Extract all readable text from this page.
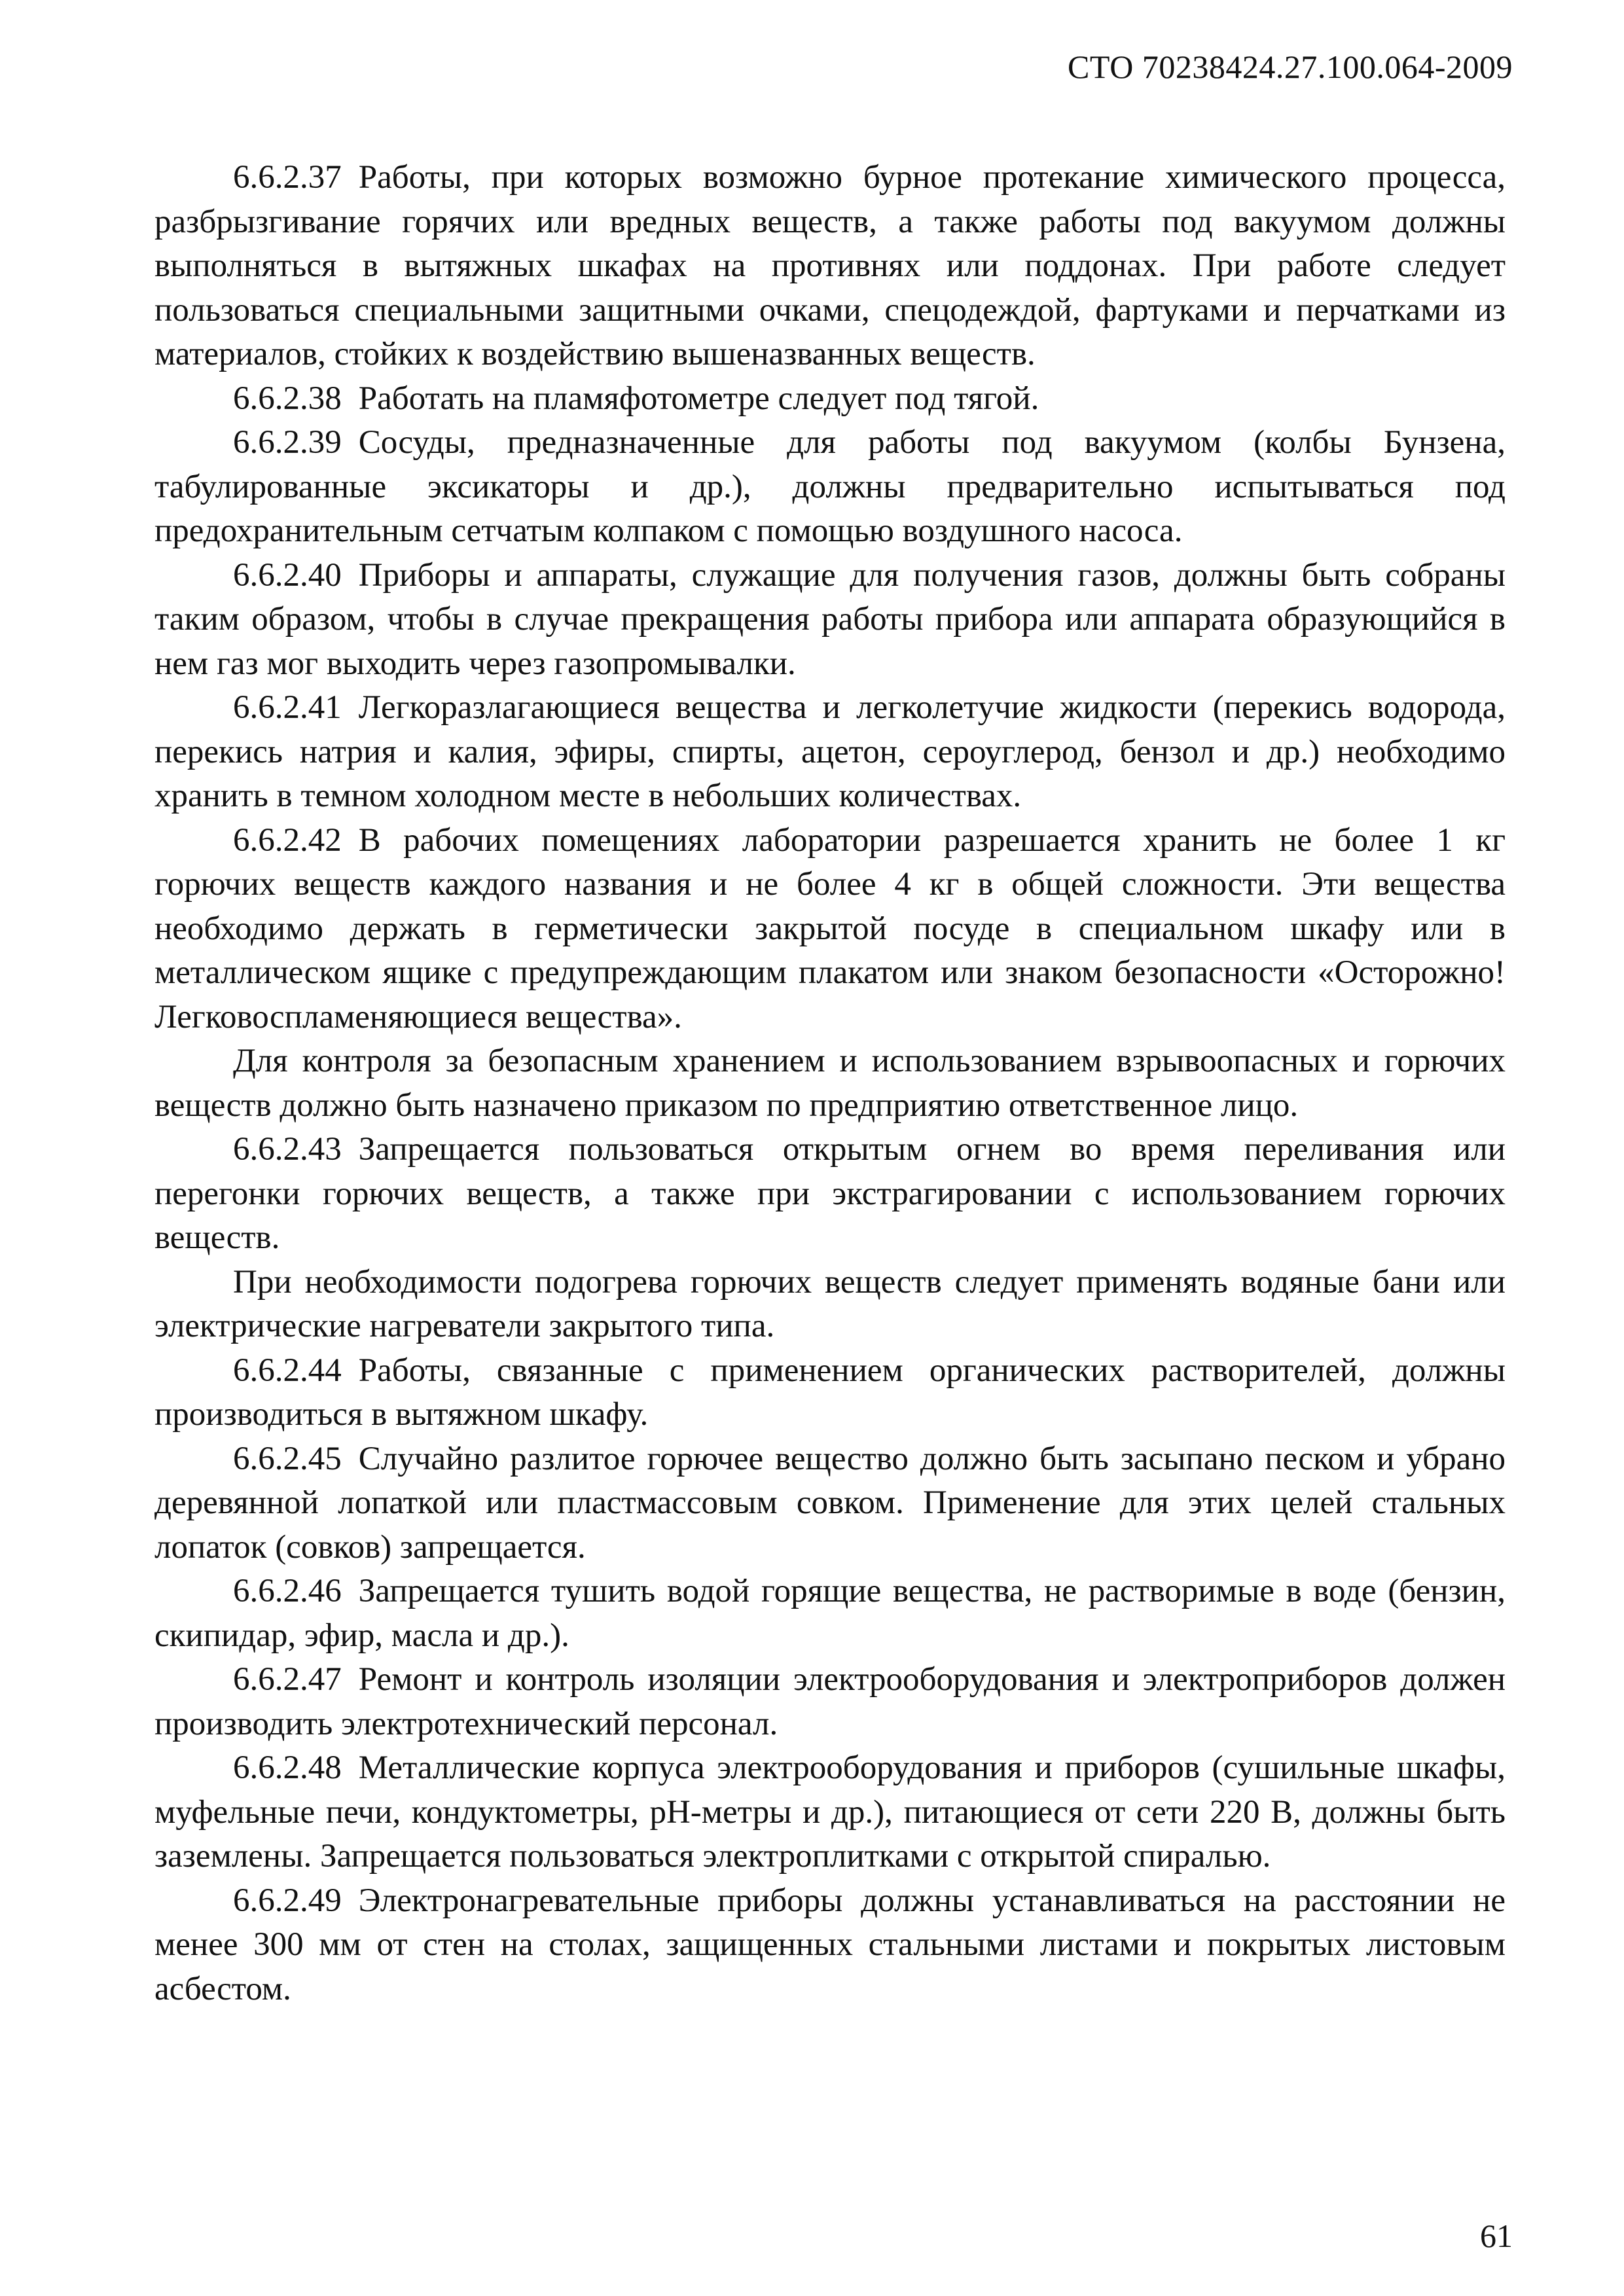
СТО 70238424.27.100.064-2009

6.6.2.37 Работы, при которых возможно бурное протекание химического процесса, разбрызгивание горячих или вредных веществ, а также работы под вакуумом должны выполняться в вытяжных шкафах на противнях или поддонах. При работе следует пользоваться специальными защитными очками, спецодеждой, фартуками и перчатками из материалов, стойких к воздействию вышеназванных веществ.

6.6.2.38 Работать на пламяфотометре следует под тягой.

6.6.2.39 Сосуды, предназначенные для работы под вакуумом (колбы Бунзена, табулированные эксикаторы и др.), должны предварительно испытываться под предохранительным сетчатым колпаком с помощью воздушного насоса.

6.6.2.40 Приборы и аппараты, служащие для получения газов, должны быть собраны таким образом, чтобы в случае прекращения работы прибора или аппарата образующийся в нем газ мог выходить через газопромывалки.

6.6.2.41 Легкоразлагающиеся вещества и легколетучие жидкости (перекись водорода, перекись натрия и калия, эфиры, спирты, ацетон, сероуглерод, бензол и др.) необходимо хранить в темном холодном месте в небольших количествах.

6.6.2.42 В рабочих помещениях лаборатории разрешается хранить не более 1 кг горючих веществ каждого названия и не более 4 кг в общей сложности. Эти вещества необходимо держать в герметически закрытой посуде в специальном шкафу или в металлическом ящике с предупреждающим плакатом или знаком безопасности «Осторожно! Легковоспламеняющиеся вещества».

Для контроля за безопасным хранением и использованием взрывоопасных и горючих веществ должно быть назначено приказом по предприятию ответственное лицо.

6.6.2.43 Запрещается пользоваться открытым огнем во время переливания или перегонки горючих веществ, а также при экстрагировании с использованием горючих веществ.

При необходимости подогрева горючих веществ следует применять водяные бани или электрические нагреватели закрытого типа.

6.6.2.44 Работы, связанные с применением органических растворителей, должны производиться в вытяжном шкафу.

6.6.2.45 Случайно разлитое горючее вещество должно быть засыпано песком и убрано деревянной лопаткой или пластмассовым совком. Применение для этих целей стальных лопаток (совков) запрещается.

6.6.2.46 Запрещается тушить водой горящие вещества, не растворимые в воде (бензин, скипидар, эфир, масла и др.).

6.6.2.47 Ремонт и контроль изоляции электрооборудования и электроприборов должен производить электротехнический персонал.

6.6.2.48 Металлические корпуса электрооборудования и приборов (сушильные шкафы, муфельные печи, кондуктометры, рН-метры и др.), питающиеся от сети 220 В, должны быть заземлены. Запрещается пользоваться электроплитками с открытой спиралью.

6.6.2.49 Электронагревательные приборы должны устанавливаться на расстоянии не менее 300 мм от стен на столах, защищенных стальными листами и покрытых листовым асбестом.

61
